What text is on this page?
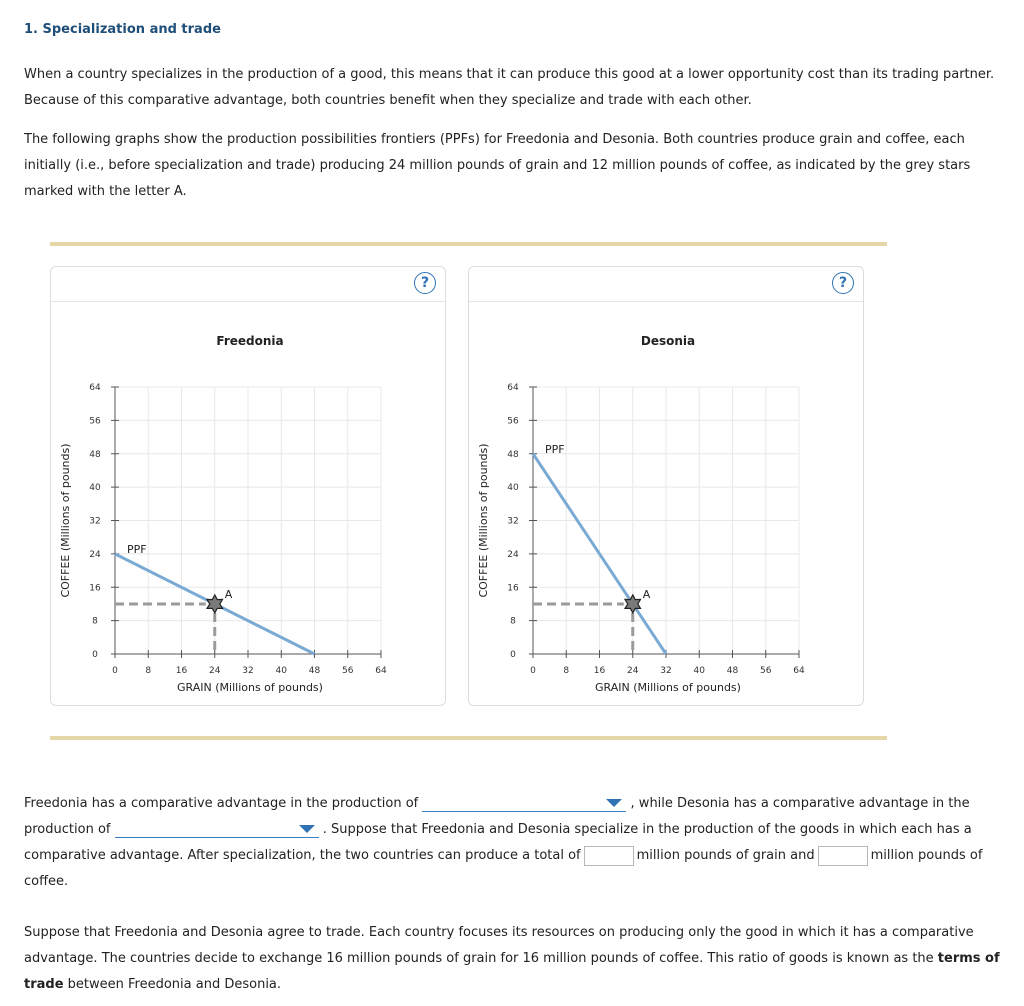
1. Specialization and trade

When a country specializes in the production of a good, this means that it can produce this good at a lower opportunity cost than its trading partner. Because of this comparative advantage, both countries benefit when they specialize and trade with each other.

The following graphs show the production possibilities frontiers (PPFs) for Freedonia and Desonia. Both countries produce grain and coffee, each initially (i.e., before specialization and trade) producing 24 million pounds of grain and 12 million pounds of coffee, as indicated by the grey stars marked with the letter A.

?
Freedonia
0	8	16 24 32 40 48 56 64
0
8
16
24
32
40
48
56
64
GRAIN (Millions of pounds)
COFFEE (Millions of pounds)	PPF
A
?
Desonia
0	8	16 24 32 40 48 56 64
0
8
16
24
32
40
48
56
64
GRAIN (Millions of pounds)
COFFEE (Millions of pounds)	PPF
A
Freedonia has a comparative advantage in the production of	, while Desonia has a comparative advantage in the
production of	. Suppose that Freedonia and Desonia specialize in the production of the goods in which each has a
comparative advantage. After specialization, the two countries can produce a total of	million pounds of grain and	million pounds of
coffee.
Suppose that Freedonia and Desonia agree to trade. Each country focuses its resources on producing only the good in which it has a comparative advantage. The countries decide to exchange 16 million pounds of grain for 16 million pounds of coffee. This ratio of goods is known as the terms of trade between Freedonia and Desonia.
